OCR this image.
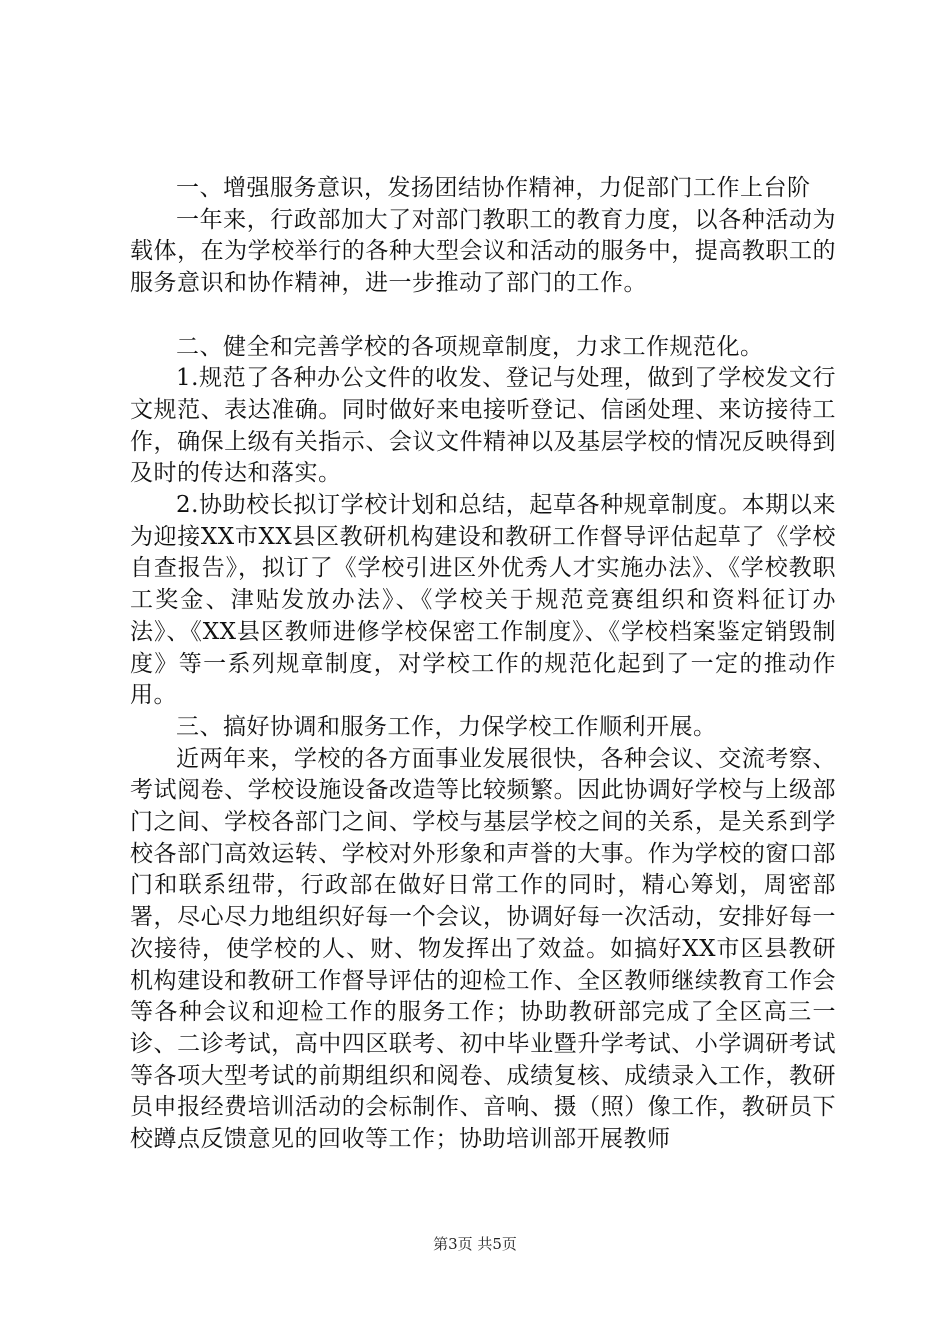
一、增强服务意识，发扬团结协作精神，力促部门工作上台阶

一年来，行政部加大了对部门教职工的教育力度，以各种活动为载体，在为学校举行的各种大型会议和活动的服务中，提高教职工的服务意识和协作精神，进一步推动了部门的工作。

二、健全和完善学校的各项规章制度，力求工作规范化。

1.规范了各种办公文件的收发、登记与处理，做到了学校发文行文规范、表达准确。同时做好来电接听登记、信函处理、来访接待工作，确保上级有关指示、会议文件精神以及基层学校的情况反映得到及时的传达和落实。

2.协助校长拟订学校计划和总结，起草各种规章制度。本期以来为迎接XX市XX县区教研机构建设和教研工作督导评估起草了《学校自查报告》，拟订了《学校引进区外优秀人才实施办法》、《学校教职工奖金、津贴发放办法》、《学校关于规范竞赛组织和资料征订办法》、《XX县区教师进修学校保密工作制度》、《学校档案鉴定销毁制度》等一系列规章制度，对学校工作的规范化起到了一定的推动作用。

三、搞好协调和服务工作，力保学校工作顺利开展。

近两年来，学校的各方面事业发展很快，各种会议、交流考察、考试阅卷、学校设施设备改造等比较频繁。因此协调好学校与上级部门之间、学校各部门之间、学校与基层学校之间的关系，是关系到学校各部门高效运转、学校对外形象和声誉的大事。作为学校的窗口部门和联系纽带，行政部在做好日常工作的同时，精心筹划，周密部署，尽心尽力地组织好每一个会议，协调好每一次活动，安排好每一次接待，使学校的人、财、物发挥出了效益。如搞好XX市区县教研机构建设和教研工作督导评估的迎检工作、全区教师继续教育工作会等各种会议和迎检工作的服务工作；协助教研部完成了全区高三一诊、二诊考试，高中四区联考、初中毕业暨升学考试、小学调研考试等各项大型考试的前期组织和阅卷、成绩复核、成绩录入工作，教研员申报经费培训活动的会标制作、音响、摄（照）像工作，教研员下校蹲点反馈意见的回收等工作；协助培训部开展教师

第3页 共5页
